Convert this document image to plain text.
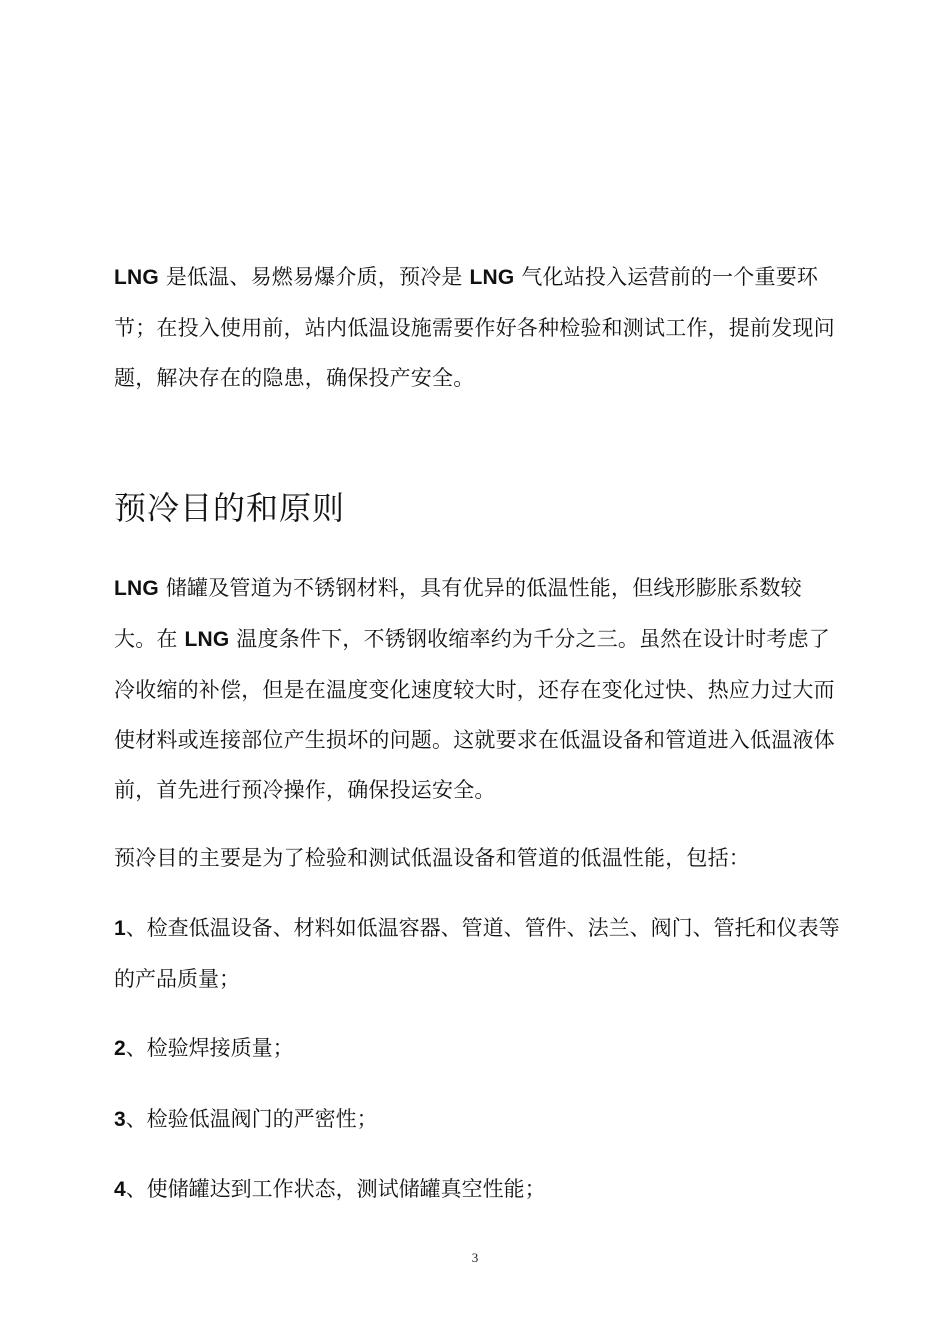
LNG 是低温、易燃易爆介质，预冷是 LNG 气化站投入运营前的一个重要环节；在投入使用前，站内低温设施需要作好各种检验和测试工作，提前发现问题，解决存在的隐患，确保投产安全。

预冷目的和原则

LNG 储罐及管道为不锈钢材料，具有优异的低温性能，但线形膨胀系数较大。在 LNG 温度条件下，不锈钢收缩率约为千分之三。虽然在设计时考虑了冷收缩的补偿，但是在温度变化速度较大时，还存在变化过快、热应力过大而使材料或连接部位产生损坏的问题。这就要求在低温设备和管道进入低温液体前，首先进行预冷操作，确保投运安全。

预冷目的主要是为了检验和测试低温设备和管道的低温性能，包括：

1、检查低温设备、材料如低温容器、管道、管件、法兰、阀门、管托和仪表等的产品质量；

2、检验焊接质量；

3、检验低温阀门的严密性；

4、使储罐达到工作状态，测试储罐真空性能；

3
